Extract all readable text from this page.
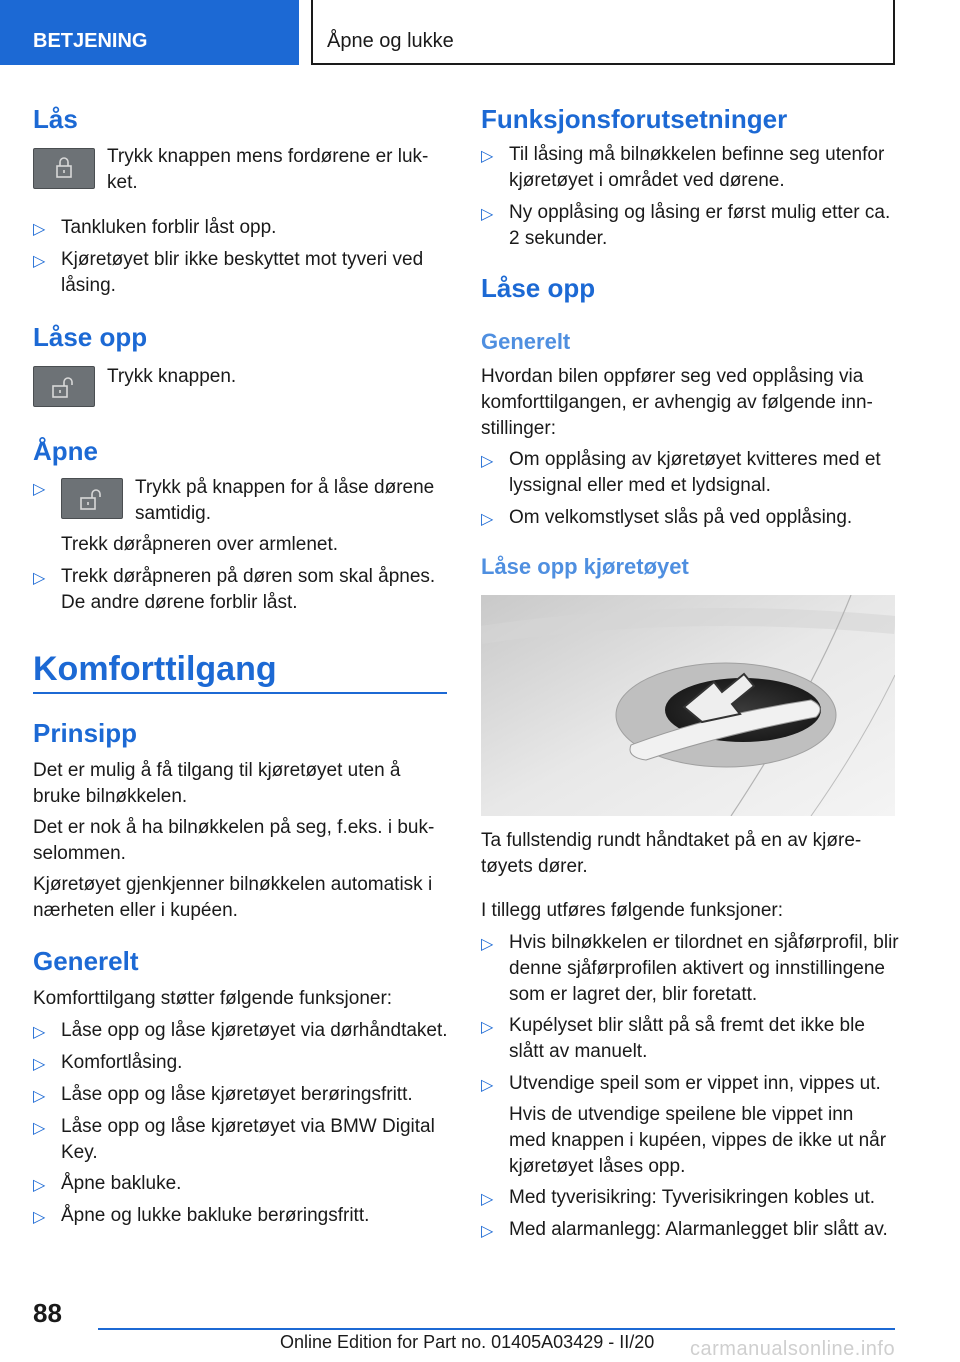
BETJENING	Åpne og lukke
Lås
Trykk knappen mens fordørene er luk-
ket.
▷ Tankluken forblir låst opp.
▷ Kjøretøyet blir ikke beskyttet mot tyveri ved
låsing.
Låse opp
Trykk knappen.
Åpne
▷	Trykk på knappen for å låse dørene
samtidig.
Trekk døråpneren over armlenet.
▷ Trekk døråpneren på døren som skal åpnes.
De andre dørene forblir låst.
Komforttilgang
Prinsipp
Det er mulig å få tilgang til kjøretøyet uten å
bruke bilnøkkelen.
Det er nok å ha bilnøkkelen på seg, f.eks. i buk-
selommen.
Kjøretøyet gjenkjenner bilnøkkelen automatisk i
nærheten eller i kupéen.
Generelt
Komforttilgang støtter følgende funksjoner:
▷ Låse opp og låse kjøretøyet via dørhåndtaket.
▷ Komfortlåsing.
▷ Låse opp og låse kjøretøyet berøringsfritt.
▷ Låse opp og låse kjøretøyet via BMW Digital
Key.
▷ Åpne bakluke.
▷ Åpne og lukke bakluke berøringsfritt.
Funksjonsforutsetninger
▷ Til låsing må bilnøkkelen befinne seg utenfor
kjøretøyet i området ved dørene.
▷ Ny opplåsing og låsing er først mulig etter ca.
2 sekunder.
Låse opp
Generelt
Hvordan bilen oppfører seg ved opplåsing via
komforttilgangen, er avhengig av følgende inn-
stillinger:
▷ Om opplåsing av kjøretøyet kvitteres med et
lyssignal eller med et lydsignal.
▷ Om velkomstlyset slås på ved opplåsing.
Låse opp kjøretøyet
Ta fullstendig rundt håndtaket på en av kjøre-
tøyets dører.
I tillegg utføres følgende funksjoner:
▷ Hvis bilnøkkelen er tilordnet en sjåførprofil, blir
denne sjåførprofilen aktivert og innstillingene
som er lagret der, blir foretatt.
▷ Kupélyset blir slått på så fremt det ikke ble
slått av manuelt.
▷ Utvendige speil som er vippet inn, vippes ut.
Hvis de utvendige speilene ble vippet inn
med knappen i kupéen, vippes de ikke ut når
kjøretøyet låses opp.
▷ Med tyverisikring: Tyverisikringen kobles ut.
▷ Med alarmanlegg: Alarmanlegget blir slått av.
88
Online Edition for Part no. 01405A03429 - II/20 carmanualsonline.info
